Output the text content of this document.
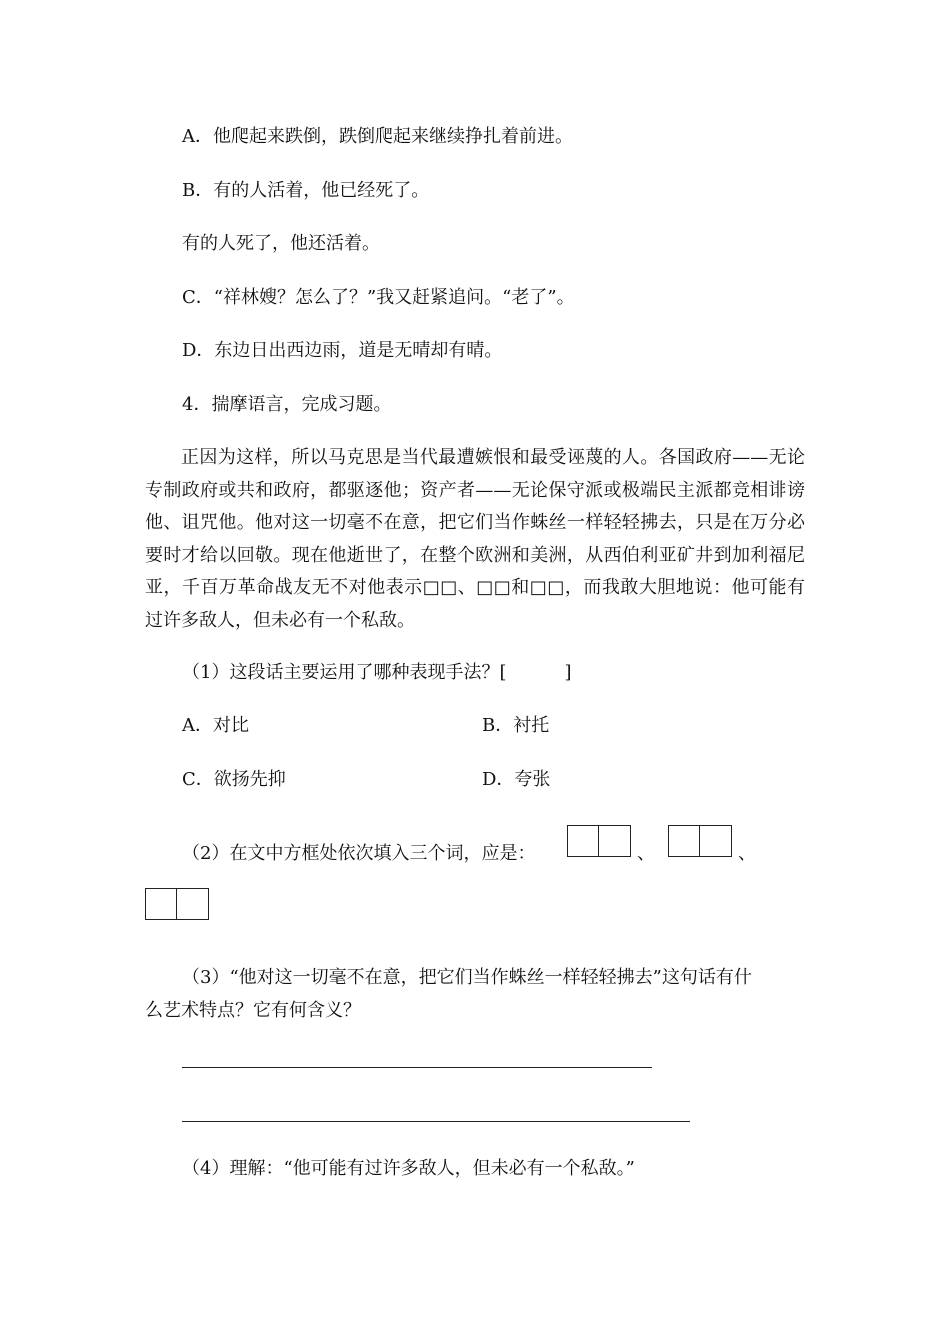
A．他爬起来跌倒，跌倒爬起来继续挣扎着前进。
B．有的人活着，他已经死了。
有的人死了，他还活着。
C．“祥林嫂？怎么了？”我又赶紧追问。“老了”。
D．东边日出西边雨，道是无晴却有晴。
4．揣摩语言，完成习题。
正因为这样，所以马克思是当代最遭嫉恨和最受诬蔑的人。各国政府——无论专制政府或共和政府，都驱逐他；资产者——无论保守派或极端民主派都竞相诽谤他、诅咒他。他对这一切毫不在意，把它们当作蛛丝一样轻轻拂去，只是在万分必要时才给以回敬。现在他逝世了，在整个欧洲和美洲，从西伯利亚矿井到加利福尼亚，千百万革命战友无不对他表示□□、□□和□□，而我敢大胆地说：他可能有过许多敌人，但未必有一个私敌。
（1）这段话主要运用了哪种表现手法？[	]
A．对比	B．衬托
C．欲扬先抑	D．夸张
（2）在文中方框处依次填入三个词，应是：	、	、
（3）“他对这一切毫不在意，把它们当作蛛丝一样轻轻拂去”这句话有什
么艺术特点？它有何含义？
（4）理解：“他可能有过许多敌人，但未必有一个私敌。”
